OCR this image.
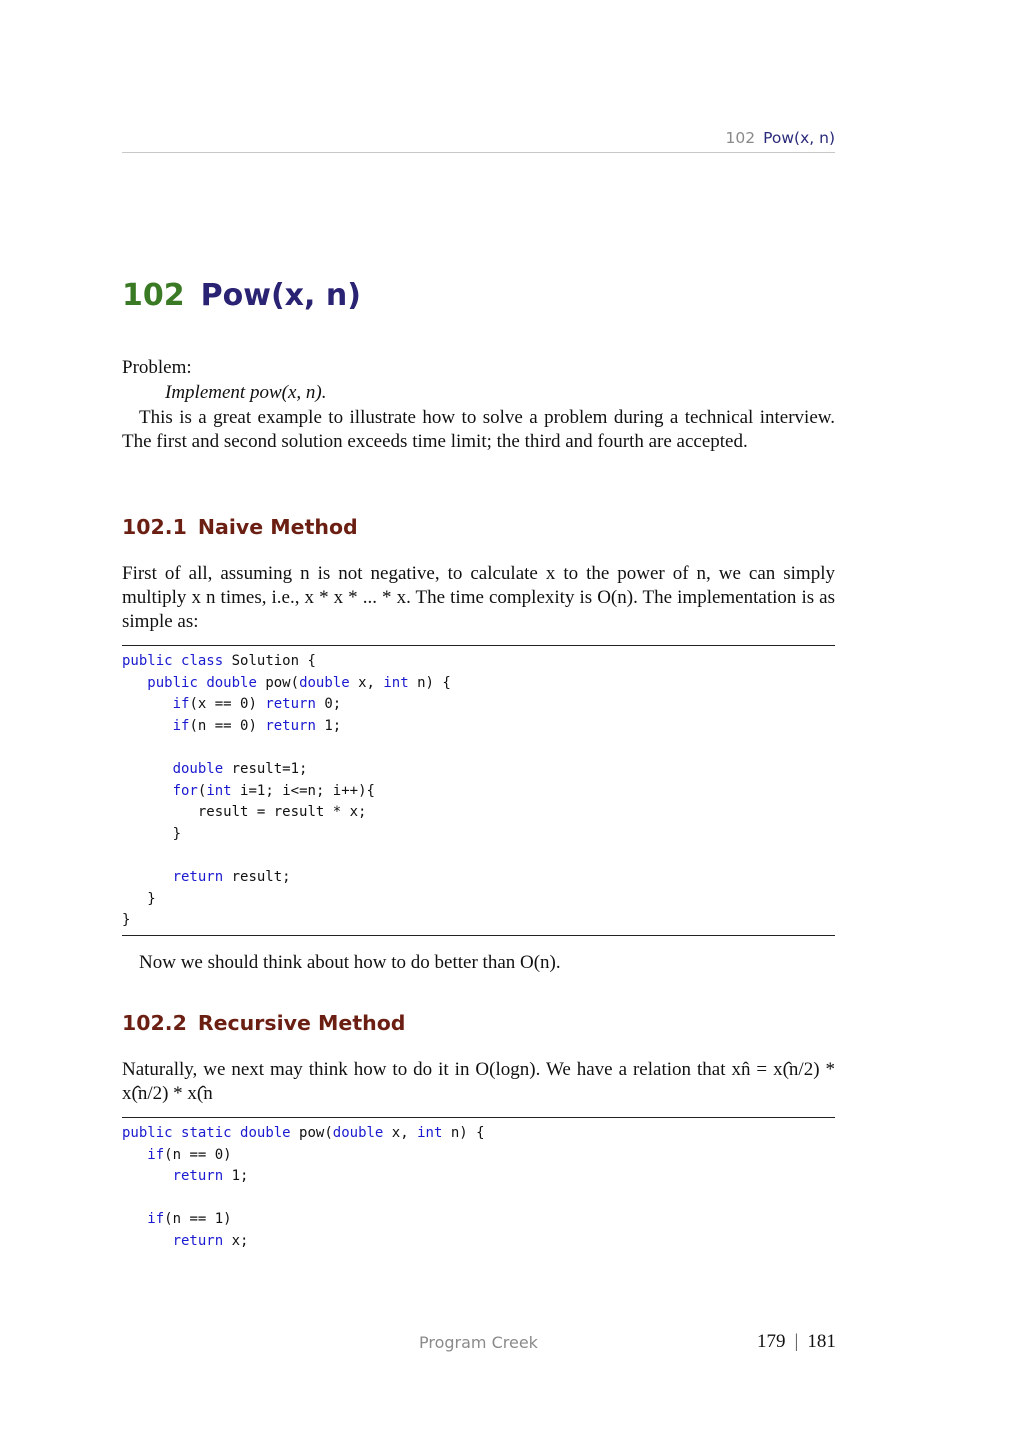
102 Pow(x, n)
102 Pow(x, n)
Problem:
Implement pow(x, n).
This is a great example to illustrate how to solve a problem during a technical interview. The first and second solution exceeds time limit; the third and fourth are accepted.
102.1 Naive Method
First of all, assuming n is not negative, to calculate x to the power of n, we can simply multiply x n times, i.e., x * x * ... * x. The time complexity is O(n). The implementation is as simple as:
public class Solution {
public double pow(double x, int n) {
if(x == 0) return 0;
if(n == 0) return 1;

double result=1;
for(int i=1; i<=n; i++){
result = result * x;
}

return result;
}
}
Now we should think about how to do better than O(n).
102.2 Recursive Method
Naturally, we next may think how to do it in O(logn). We have a relation that xn̂ = x(̂n/2) * x(̂n/2) * x(̂n
public static double pow(double x, int n) {
if(n == 0)
return 1;

if(n == 1)
return x;
Program Creek	179 | 181
